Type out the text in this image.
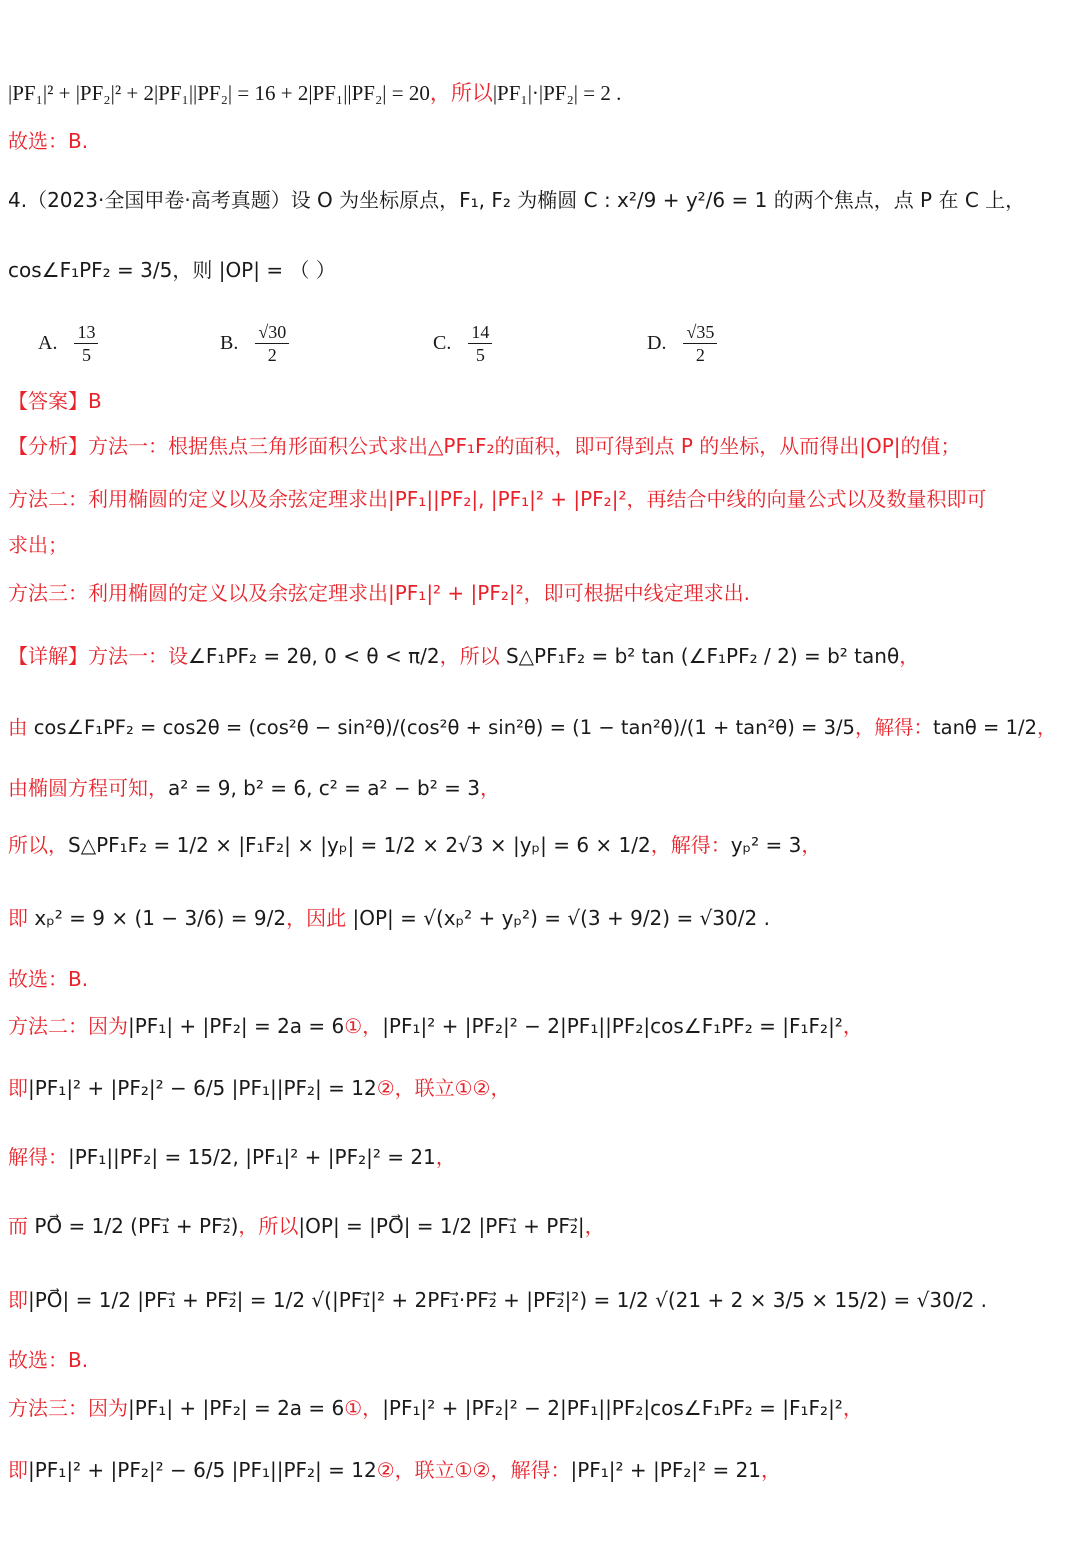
|PF₁|² + |PF₂|² + 2|PF₁||PF₂| = 16 + 2|PF₁||PF₂| = 20，所以|PF₁|·|PF₂| = 2 .
故选：B.
4.（2023·全国甲卷·高考真题）设 O 为坐标原点，F₁, F₂ 为椭圆 C : x²/9 + y²/6 = 1 的两个焦点，点 P 在 C 上，
cos∠F₁PF₂ = 3/5，则 |OP| = （ ）
A. $\frac{13}{5}$	B. $\frac{√30}{2}$	C. $\frac{14}{5}$	D. $\frac{√35}{2}$
【答案】B
【分析】方法一：根据焦点三角形面积公式求出△PF₁F₂的面积，即可得到点 P 的坐标，从而得出|OP|的值；
方法二：利用椭圆的定义以及余弦定理求出|PF₁||PF₂|, |PF₁|² + |PF₂|²，再结合中线的向量公式以及数量积即可
求出；
方法三：利用椭圆的定义以及余弦定理求出|PF₁|² + |PF₂|²，即可根据中线定理求出.
【详解】方法一：设∠F₁PF₂ = 2θ, 0 < θ < π/2，所以 S△PF₁F₂ = b² tan (∠F₁PF₂ / 2) = b² tanθ，
由 cos∠F₁PF₂ = cos2θ = (cos²θ − sin²θ)/(cos²θ + sin²θ) = (1 − tan²θ)/(1 + tan²θ) = 3/5，解得：tanθ = 1/2，
由椭圆方程可知，a² = 9, b² = 6, c² = a² − b² = 3，
所以，S△PF₁F₂ = 1/2 × |F₁F₂| × |yₚ| = 1/2 × 2√3 × |yₚ| = 6 × 1/2，解得：yₚ² = 3，
即 xₚ² = 9 × (1 − 3/6) = 9/2，因此 |OP| = √(xₚ² + yₚ²) = √(3 + 9/2) = √30/2 .
故选：B.
方法二：因为|PF₁| + |PF₂| = 2a = 6①，|PF₁|² + |PF₂|² − 2|PF₁||PF₂|cos∠F₁PF₂ = |F₁F₂|²，
即|PF₁|² + |PF₂|² − 6/5 |PF₁||PF₂| = 12②，联立①②，
解得：|PF₁||PF₂| = 15/2, |PF₁|² + |PF₂|² = 21，
而 PO⃗ = 1/2 (PF₁⃗ + PF₂⃗)，所以|OP| = |PO⃗| = 1/2 |PF₁⃗ + PF₂⃗|，
即|PO⃗| = 1/2 |PF₁⃗ + PF₂⃗| = 1/2 √(|PF₁⃗|² + 2PF₁⃗·PF₂⃗ + |PF₂⃗|²) = 1/2 √(21 + 2 × 3/5 × 15/2) = √30/2 .
故选：B.
方法三：因为|PF₁| + |PF₂| = 2a = 6①，|PF₁|² + |PF₂|² − 2|PF₁||PF₂|cos∠F₁PF₂ = |F₁F₂|²，
即|PF₁|² + |PF₂|² − 6/5 |PF₁||PF₂| = 12②，联立①②，解得：|PF₁|² + |PF₂|² = 21，
